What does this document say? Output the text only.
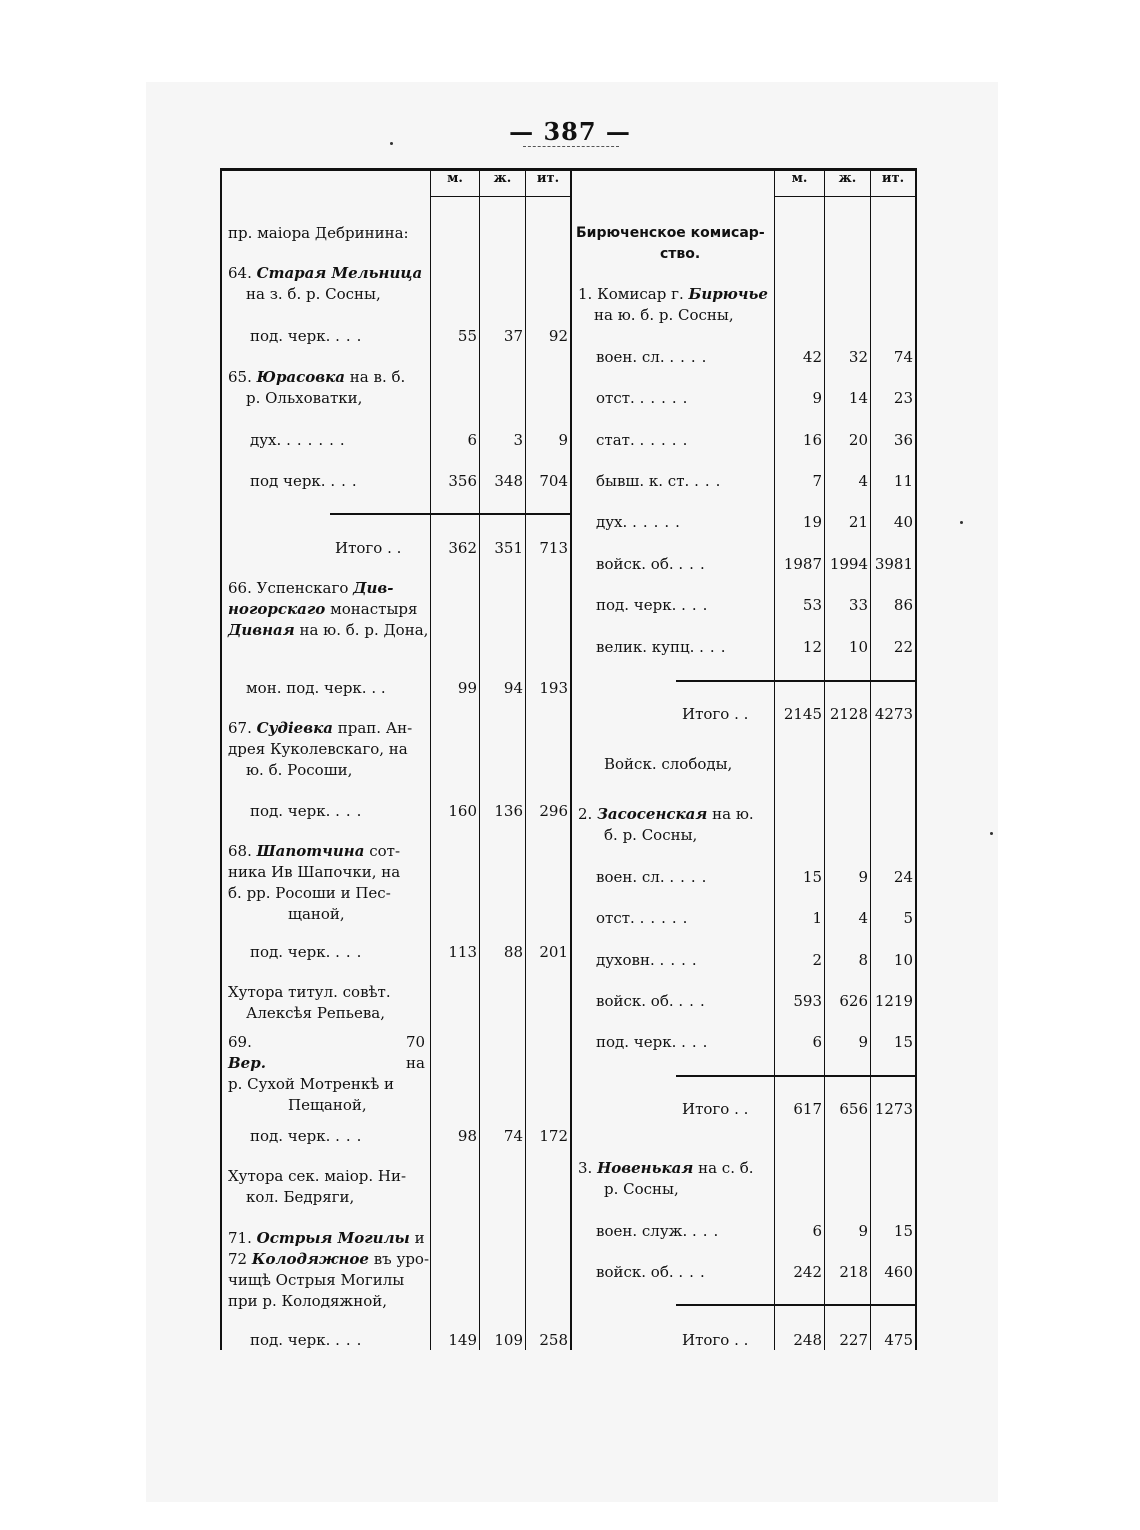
— 387 —
м.	ж.	ит.	м.	ж.	ит.
пр. маіора Дебринина:
64. Старая Мельница
на з. б. р. Сосны,
под. черк. ...	55	37	92
65. Юрасовка на в. б.
р. Ольховатки,
дух. ......	6	3	9
под черк. ...	356	348	704
Итого . .	362	351	713
66. Успенскаго Див-
ногорскаго монастыря
Дивная на ю. б. р. Дона,
мон. под. черк. . .	99	94	193
67. Судіевка прап. Ан-
дрея Куколевскаго, на
ю. б. Росоши,
под. черк. ...	160	136	296
68. Шапотчина сот-
ника Ив Шапочки, на
б. рр. Росоши и Пес-
щаной,
под. черк. ...	113	88	201
Хутора титул. совѣт.
Алексѣя Репьева,
69.	70
Вер.	на
р. Сухой Мотренкѣ и
Пещаной,
под. черк. ...	98	74	172
Хутора сек. маіор. Ни-
кол. Бедряги,
71. Острыя Могилы и
72 Колодяжное въ уро-
чищѣ Острыя Могилы
при р. Колодяжной,
под. черк. ...	149	109	258
Бирюченское комисар-
ство.
1. Комисар г. Бирючье
на ю. б. р. Сосны,
воен. сл. ....	42	32	74
отст. .....	9	14	23
стат. .....	16	20	36
бывш. к. ст. ...	7	4	11
дух. .....	19	21	40
войск. об. ...	1987 1994 3981
под. черк. ...	53	33	86
велик. купц. ...	12	10	22
Итого . .	2145 2128 4273
Войск. слободы,
2. Засосенская на ю.
б. р. Сосны,
воен. сл. ....	15	9	24
отст. .....	1	4	5
духовн. ....	2	8	10
войск. об. ...	593	626 1219
под. черк. ...	6	9	15
Итого . .	617	656 1273
3. Новенькая на с. б.
р. Сосны,
воен. служ. ...	6	9	15
войск. об. ...	242	218	460
Итого . .	248	227	475
